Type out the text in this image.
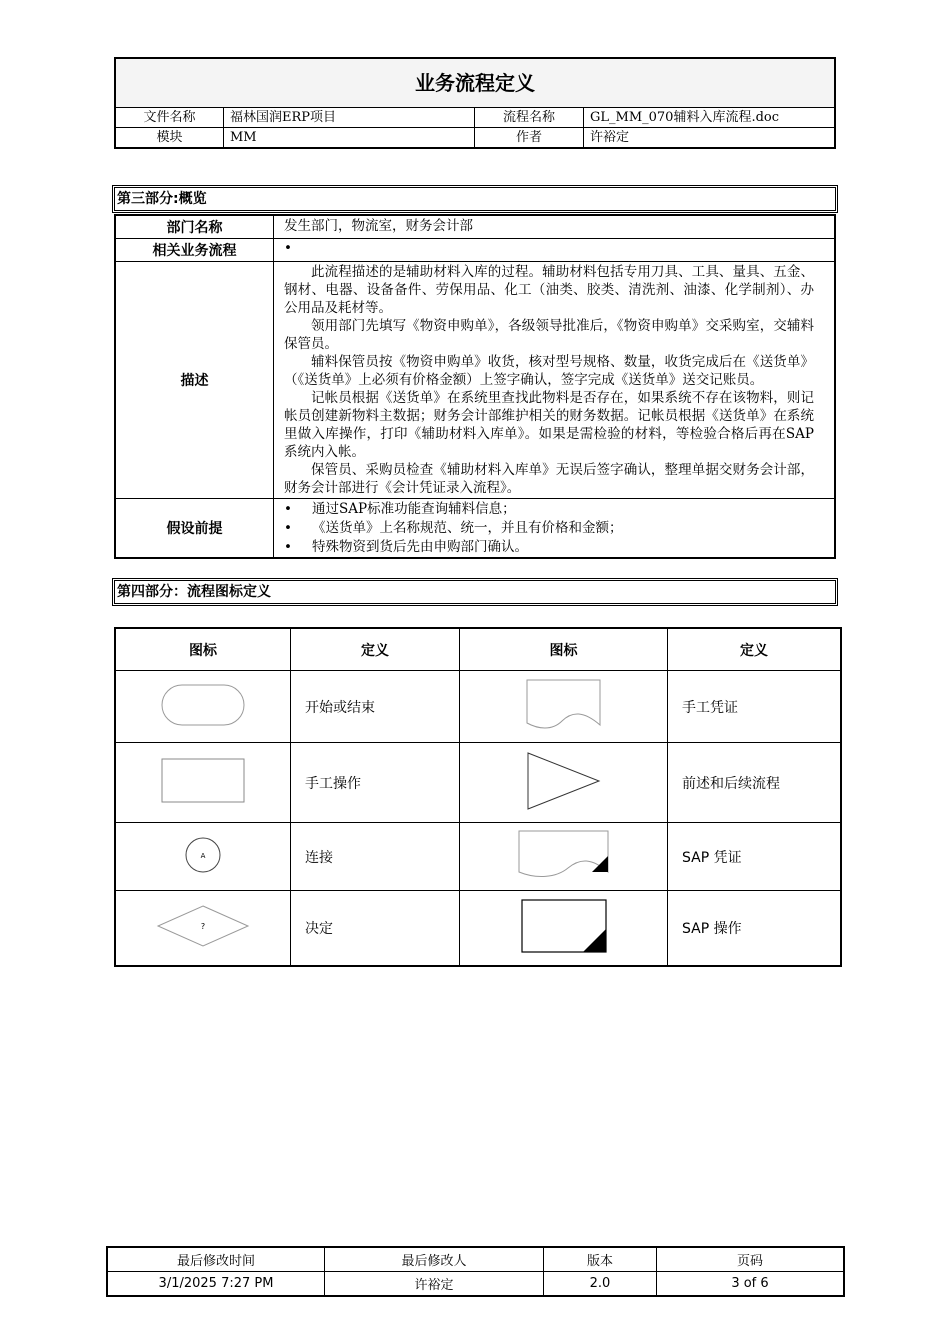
业务流程定义			
文件名称	福林国润ERP项目	流程名称	GL_MM_070辅料入库流程.doc
模块	MM	作者	许裕定
第三部分:概览
部门名称	发生部门，物流室，财务会计部
相关业务流程	

描述	此流程描述的是辅助材料入库的过程。辅助材料包括专用刀具、工具、量具、五金、钢材、电器、设备备件、劳保用品、化工（油类、胶类、清洗剂、油漆、化学制剂）、办公用品及耗材等。
领用部门先填写《物资申购单》，各级领导批准后，《物资申购单》交采购室，交辅料保管员。
辅料保管员按《物资申购单》收货，核对型号规格、数量，收货完成后在《送货单》（《送货单》上必须有价格金额）上签字确认，签字完成《送货单》送交记账员。
记帐员根据《送货单》在系统里查找此物料是否存在，如果系统不存在该物料，则记帐员创建新物料主数据；财务会计部维护相关的财务数据。记帐员根据《送货单》在系统里做入库操作，打印《辅助材料入库单》。如果是需检验的材料，等检验合格后再在SAP系统内入帐。
保管员、采购员检查《辅助材料入库单》无误后签字确认，整理单据交财务会计部，财务会计部进行《会计凭证录入流程》。

假设前提	• 通过SAP标准功能查询辅料信息；
• 《送货单》上名称规范、统一，并且有价格和金额；
• 特殊物资到货后先由申购部门确认。
第四部分：流程图标定义
图标	定义	图标	定义
	开始或结束		手工凭证
	手工操作		前述和后续流程

A	连接		SAP 凭证

?	决定		SAP 操作
最后修改时间	最后修改人	版本	页码
3/1/2025 7:27 PM	许裕定	2.0	3 of 6
